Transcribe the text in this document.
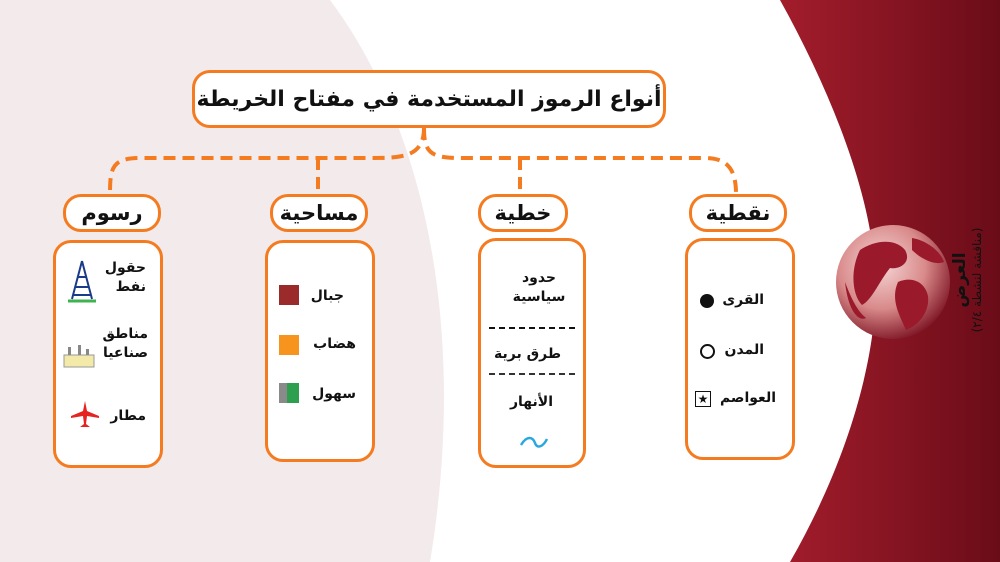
أنواع الرموز المستخدمة في مفتاح الخريطة
نقطية
خطية
مساحية
رسوم
القرى
المدن
العواصم
★
حدود سياسية
طرق برية
الأنهار
جبال
هضاب
سهول
حقول نفط
مناطق صناعيا
مطار
العرض
(مناقشة لنشطة ٢/٤)
